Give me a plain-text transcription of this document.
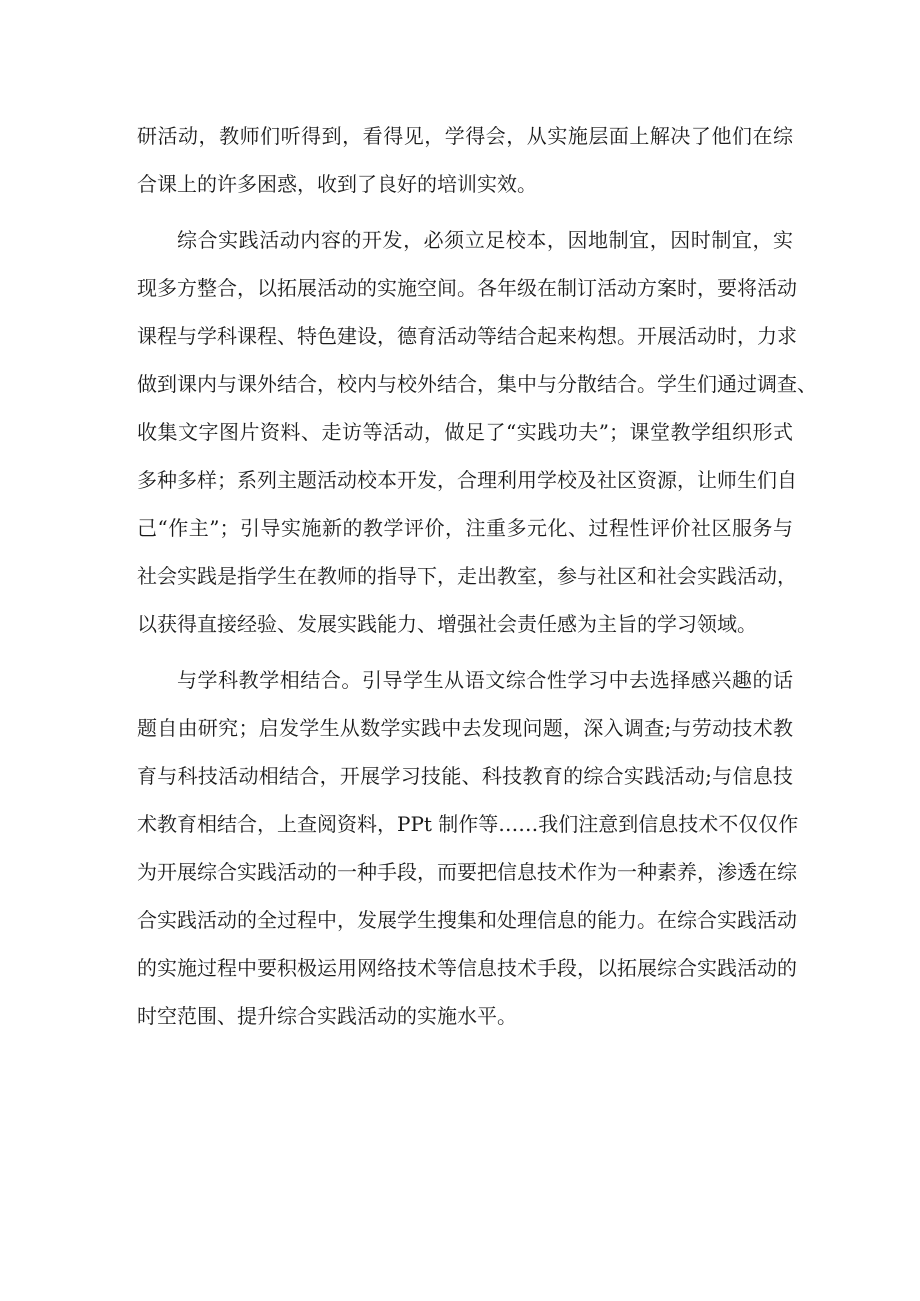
研活动，教师们听得到，看得见，学得会，从实施层面上解决了他们在综
合课上的许多困惑，收到了良好的培训实效。
综合实践活动内容的开发，必须立足校本，因地制宜，因时制宜，实
现多方整合，以拓展活动的实施空间。各年级在制订活动方案时，要将活动
课程与学科课程、特色建设，德育活动等结合起来构想。开展活动时，力求
做到课内与课外结合，校内与校外结合，集中与分散结合。学生们通过调查、
收集文字图片资料、走访等活动，做足了“实践功夫”；课堂教学组织形式
多种多样；系列主题活动校本开发，合理利用学校及社区资源，让师生们自
己“作主”；引导实施新的教学评价，注重多元化、过程性评价社区服务与
社会实践是指学生在教师的指导下，走出教室，参与社区和社会实践活动，
以获得直接经验、发展实践能力、增强社会责任感为主旨的学习领域。
与学科教学相结合。引导学生从语文综合性学习中去选择感兴趣的话
题自由研究；启发学生从数学实践中去发现问题，深入调查;与劳动技术教
育与科技活动相结合，开展学习技能、科技教育的综合实践活动;与信息技
术教育相结合，上查阅资料，PPt 制作等……我们注意到信息技术不仅仅作
为开展综合实践活动的一种手段，而要把信息技术作为一种素养，渗透在综
合实践活动的全过程中，发展学生搜集和处理信息的能力。在综合实践活动
的实施过程中要积极运用网络技术等信息技术手段，以拓展综合实践活动的
时空范围、提升综合实践活动的实施水平。
